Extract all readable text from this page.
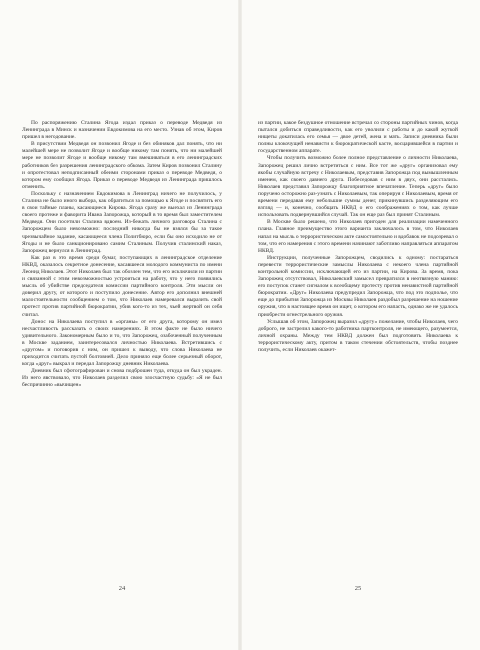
По распоряжению Сталина Ягода издал приказ о переводе Медведя из Ленинграда в Минск и назначении Евдокимова на его место. Узнав об этом, Киров пришел в негодование.

В присутствии Медведя он позвонил Ягоде и без обиняков дал понять, что ни малейшей мере не позволит Ягоде и вообще никому там понять, что ни малейшей мере не позволит Ягоде и вообще никому там вмешиваться в его ленинградских работников без разрешения ленинградского обкома. Затем Киров позвонил Сталину и опротестовал неподписанный обеими сторонами приказ о переводе Медведя, о котором ему сообщил Ягода. Приказ о переводе Медведя из Ленинграда пришлось отменить.

Поскольку с назначением Евдокимова в Ленинград ничего не получилось, у Сталина не было иного выбора, как обратиться за помощью к Ягоде и посвятить его в свои тайные планы, касающиеся Кирова. Ягода сразу же выехал из Ленинграда своего протеже и фаворита Ивана Запорожца, который в то время был заместителем Медведя. Они посетили Сталина вдвоем. Из-бежать личного разговора Сталина с Запорожцем было невозможно: последний никогда бы не взялся бы за такое чрезвычайное задание, касающееся члена Политбюро, если бы оно исходило не от Ягоды и не было санкционировано самим Сталиным. Получив сталинский наказ, Запорожец вернулся в Ленинград.

Как раз в это время среди бумаг, поступающих в ленинградское отделение НКВД, оказалось секретное донесение, касавшееся молодого коммуниста по имени Леонид Николаев. Этот Николаев был так обозлен тем, что его исключили из партии и связанной с этим невозможностью устроиться на работу, что у него появились мысль об убийстве председателя комиссии партийного контроля. Эти мысли он доверил другу, от которого и поступило донесение. Автор его дополнил внешней малостоятельности сообщением о том, что Николаев намеревался выразить свой протест против партийной бюрократии, убив кого-то из тех, чьей жертвой он себя считал.

Донос на Николаева поступил в «органы» от его друга, которому он имел несчастливость рассказать о своих намерениях. В этом факте не было ничего удивительного. Закономерным было и то, что Запорожец, озабоченный полученным в Москве заданием, заинтересовался личностью Николаева. Встретившись с «другом» и поговорив с ним, он пришел к выводу, что слова Николаева не приходится считать пустой болтовней. Дело приняло еще более серьезный оборот, когда «друг» выкрал и передал Запорожцу дневник Николаева.

Дневник был сфотографирован и снова подброшен туда, откуда он был украден. Из него явствовало, что Николаев разделил свою злосчастную судьбу: «Я не был беспричинно «вычищен»

24

из партии, какое бездушное отношение встречал со стороны партийных чинов, когда пытался добиться справедливости, как его уволили с работы и до какой жуткой нищеты докатилась его семья — двое детей, жена и мать. Записи дневника были полны клокочущей ненависти к бюрократической касте, восцарившейся в партии и государственном аппарате.

Чтобы получить возможно более полное представление о личности Николаева, Запорожец решил лично встретиться с ним. Все тот же «друг» организовал ему якобы случайную встречу с Николаевым, представив Запорожца под вымышленным именем, как своего давнего друга. Побеседовав с ним в двух, они расстались. Николаев представил Запорожцу благоприятное впечатление. Теперь «друг» было поручено осторожно раз-узнать с Николаевым, так оперируя с Николаевым, время от времени передавая ему небольшие суммы денег, прикинувшись разделяющим его взгляд — и, конечно, сообщать НКВД о его соображениях о том, как лучше использовать подвернувшийся случай. Так он еще раз был принят Сталиным.

В Москве было решено, что Николаев пригоден для реализации намеченного плана. Главное преимущество этого варианта заключалось в том, что Николаев напал на мысль о террористическом акте самостоятельно и вдобавок не подозревал о том, что его намерения с этого времени начинают заботливо направляться аппаратом НКВД.

Инструкции, полученные Запорожцем, сводились к одному: постараться перевести террористические замыслы Николаева с некоего члена партийной контрольной комиссии, исключающей его из партии, на Кирова. За время, пока Запорожец отсутствовал, Николаевский замысел превратился в неотвязную манию: его поступок станет сигналом к всеобщему протесту против ненавистной партийной бюрократии. «Друг» Николаева предупредил Запорожца, что под это подполье, что еще до прибытия Запорожца из Москвы Николаев раздобыл разрешение на ношение оружия, что в настоящее время он ищет, о котором его напасть, однако же не удалось приобрести огнестрельного оружия.

Услышав об этом, Запорожец выразил «другу» пожелание, чтобы Николаев, чего доброго, не застрелил какого-то работника партконтроля, не имеющего, разумеется, личной охраны. Между тем НКВД должен был подготовить Николаева к террористическому акту, притом в таком стечении обстоятельств, чтобы позднее получить, если Николаев окажет-

25
